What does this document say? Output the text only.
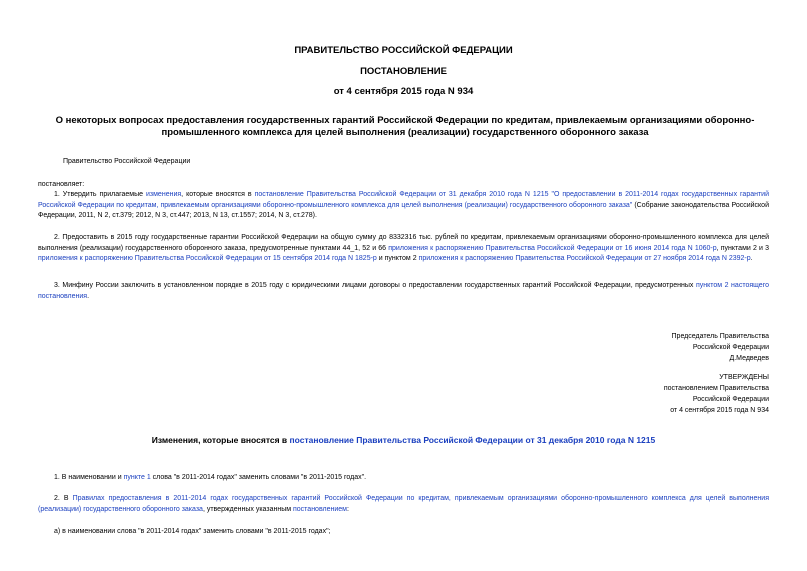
ПРАВИТЕЛЬСТВО РОССИЙСКОЙ ФЕДЕРАЦИИ
ПОСТАНОВЛЕНИЕ
от 4 сентября 2015 года N 934
О некоторых вопросах предоставления государственных гарантий Российской Федерации по кредитам, привлекаемым организациями оборонно-промышленного комплекса для целей выполнения (реализации) государственного оборонного заказа
Правительство Российской Федерации
постановляет:
1. Утвердить прилагаемые изменения, которые вносятся в постановление Правительства Российской Федерации от 31 декабря 2010 года N 1215 "О предоставлении в 2011-2014 годах государственных гарантий Российской Федерации по кредитам, привлекаемым организациями оборонно-промышленного комплекса для целей выполнения (реализации) государственного оборонного заказа" (Собрание законодательства Российской Федерации, 2011, N 2, ст.379; 2012, N 3, ст.447; 2013, N 13, ст.1557; 2014, N 3, ст.278).
2. Предоставить в 2015 году государственные гарантии Российской Федерации на общую сумму до 8332316 тыс. рублей по кредитам, привлекаемым организациями оборонно-промышленного комплекса для целей выполнения (реализации) государственного оборонного заказа, предусмотренные пунктами 44_1, 52 и 66 приложения к распоряжению Правительства Российской Федерации от 16 июня 2014 года N 1060-р, пунктами 2 и 3 приложения к распоряжению Правительства Российской Федерации от 15 сентября 2014 года N 1825-р и пунктом 2 приложения к распоряжению Правительства Российской Федерации от 27 ноября 2014 года N 2392-р.
3. Минфину России заключить в установленном порядке в 2015 году с юридическими лицами договоры о предоставлении государственных гарантий Российской Федерации, предусмотренных пунктом 2 настоящего постановления.
Председатель Правительства
Российской Федерации
Д.Медведев
УТВЕРЖДЕНЫ
постановлением Правительства
Российской Федерации
от 4 сентября 2015 года N 934
Изменения, которые вносятся в постановление Правительства Российской Федерации от 31 декабря 2010 года N 1215
1. В наименовании и пункте 1 слова "в 2011-2014 годах" заменить словами "в 2011-2015 годах".
2. В Правилах предоставления в 2011-2014 годах государственных гарантий Российской Федерации по кредитам, привлекаемым организациями оборонно-промышленного комплекса для целей выполнения (реализации) государственного оборонного заказа, утвержденных указанным постановлением:
а) в наименовании слова "в 2011-2014 годах" заменить словами "в 2011-2015 годах";
